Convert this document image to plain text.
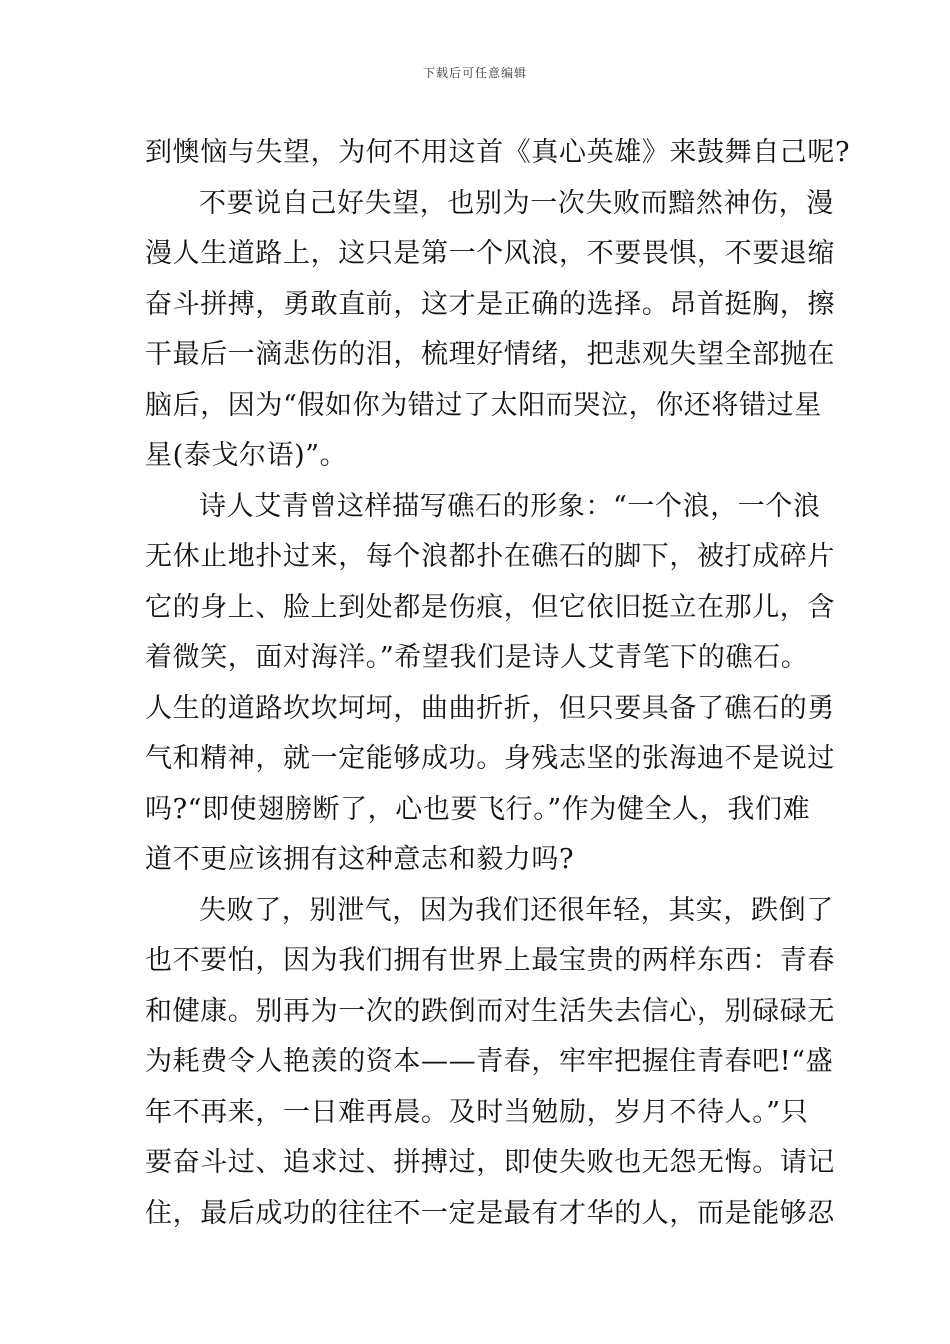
下载后可任意编辑
到懊恼与失望，为何不用这首《真心英雄》来鼓舞自己呢?
不要说自己好失望，也别为一次失败而黯然神伤，漫
漫人生道路上，这只是第一个风浪，不要畏惧，不要退缩
奋斗拼搏，勇敢直前，这才是正确的选择。昂首挺胸，擦
干最后一滴悲伤的泪，梳理好情绪，把悲观失望全部抛在
脑后，因为“假如你为错过了太阳而哭泣，你还将错过星
星(泰戈尔语)”。
诗人艾青曾这样描写礁石的形象：“一个浪，一个浪
无休止地扑过来，每个浪都扑在礁石的脚下，被打成碎片
它的身上、脸上到处都是伤痕，但它依旧挺立在那儿，含
着微笑，面对海洋。”希望我们是诗人艾青笔下的礁石。
人生的道路坎坎坷坷，曲曲折折，但只要具备了礁石的勇
气和精神，就一定能够成功。身残志坚的张海迪不是说过
吗?“即使翅膀断了，心也要飞行。”作为健全人，我们难
道不更应该拥有这种意志和毅力吗?
失败了，别泄气，因为我们还很年轻，其实，跌倒了
也不要怕，因为我们拥有世界上最宝贵的两样东西：青春
和健康。别再为一次的跌倒而对生活失去信心，别碌碌无
为耗费令人艳羡的资本——青春，牢牢把握住青春吧!“盛
年不再来，一日难再晨。及时当勉励，岁月不待人。”只
要奋斗过、追求过、拼搏过，即使失败也无怨无悔。请记
住，最后成功的往往不一定是最有才华的人，而是能够忍
